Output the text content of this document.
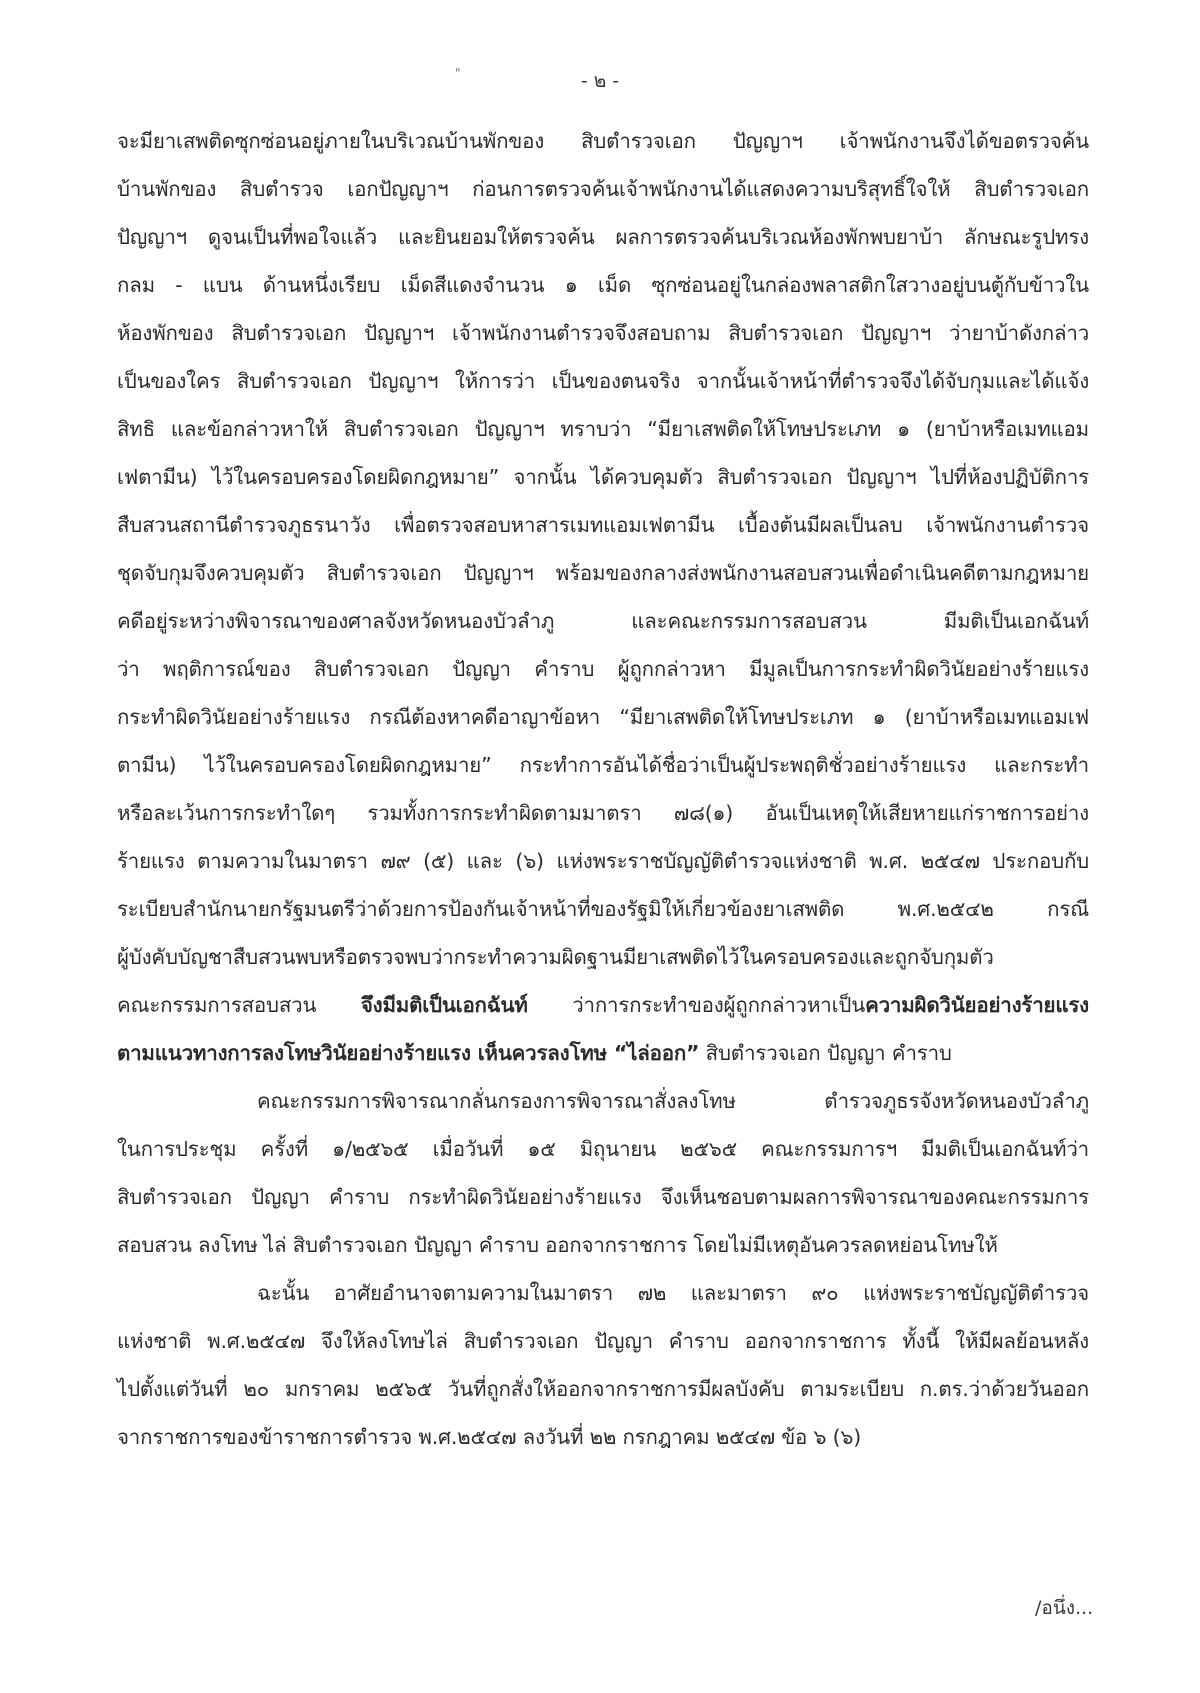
"	- ๒ -
จะมียาเสพติดซุกซ่อนอยู่ภายในบริเวณบ้านพักของ สิบตำรวจเอก ปัญญาฯ เจ้าพนักงานจึงได้ขอตรวจค้น
บ้านพักของ สิบตำรวจ เอกปัญญาฯ ก่อนการตรวจค้นเจ้าพนักงานได้แสดงความบริสุทธิ์ใจให้ สิบตำรวจเอก
ปัญญาฯ ดูจนเป็นที่พอใจแล้ว และยินยอมให้ตรวจค้น ผลการตรวจค้นบริเวณห้องพักพบยาบ้า ลักษณะรูปทรง
กลม - แบน ด้านหนึ่งเรียบ เม็ดสีแดงจำนวน ๑ เม็ด ซุกซ่อนอยู่ในกล่องพลาสติกใสวางอยู่บนตู้กับข้าวใน
ห้องพักของ สิบตำรวจเอก ปัญญาฯ เจ้าพนักงานตำรวจจึงสอบถาม สิบตำรวจเอก ปัญญาฯ ว่ายาบ้าดังกล่าว
เป็นของใคร สิบตำรวจเอก ปัญญาฯ ให้การว่า เป็นของตนจริง จากนั้นเจ้าหน้าที่ตำรวจจึงได้จับกุมและได้แจ้ง
สิทธิ และข้อกล่าวหาให้ สิบตำรวจเอก ปัญญาฯ ทราบว่า “มียาเสพติดให้โทษประเภท ๑ (ยาบ้าหรือเมทแอม
เฟตามีน) ไว้ในครอบครองโดยผิดกฎหมาย” จากนั้น ได้ควบคุมตัว สิบตำรวจเอก ปัญญาฯ ไปที่ห้องปฏิบัติการ
สืบสวนสถานีตำรวจภูธรนาวัง เพื่อตรวจสอบหาสารเมทแอมเฟตามีน เบื้องต้นมีผลเป็นลบ เจ้าพนักงานตำรวจ
ชุดจับกุมจึงควบคุมตัว สิบตำรวจเอก ปัญญาฯ พร้อมของกลางส่งพนักงานสอบสวนเพื่อดำเนินคดีตามกฎหมาย
คดีอยู่ระหว่างพิจารณาของศาลจังหวัดหนองบัวลำภู และคณะกรรมการสอบสวน มีมติเป็นเอกฉันท์
ว่า พฤติการณ์ของ สิบตำรวจเอก ปัญญา คำราบ ผู้ถูกกล่าวหา มีมูลเป็นการกระทำผิดวินัยอย่างร้ายแรง
กระทำผิดวินัยอย่างร้ายแรง กรณีต้องหาคดีอาญาข้อหา “มียาเสพติดให้โทษประเภท ๑ (ยาบ้าหรือเมทแอมเฟ
ตามีน) ไว้ในครอบครองโดยผิดกฎหมาย” กระทำการอันได้ชื่อว่าเป็นผู้ประพฤติชั่วอย่างร้ายแรง และกระทำ
หรือละเว้นการกระทำใดๆ รวมทั้งการกระทำผิดตามมาตรา ๗๘(๑) อันเป็นเหตุให้เสียหายแก่ราชการอย่าง
ร้ายแรง ตามความในมาตรา ๗๙ (๕) และ (๖) แห่งพระราชบัญญัติตำรวจแห่งชาติ พ.ศ. ๒๕๔๗ ประกอบกับ
ระเบียบสำนักนายกรัฐมนตรีว่าด้วยการป้องกันเจ้าหน้าที่ของรัฐมิให้เกี่ยวข้องยาเสพติด พ.ศ.๒๕๔๒ กรณี
ผู้บังคับบัญชาสืบสวนพบหรือตรวจพบว่ากระทำความผิดฐานมียาเสพติดไว้ในครอบครองและถูกจับกุมตัว
คณะกรรมการสอบสวน จึงมีมติเป็นเอกฉันท์ ว่าการกระทำของผู้ถูกกล่าวหาเป็นความผิดวินัยอย่างร้ายแรง
ตามแนวทางการลงโทษวินัยอย่างร้ายแรง เห็นควรลงโทษ “ไล่ออก” สิบตำรวจเอก ปัญญา คำราบ
คณะกรรมการพิจารณากลั่นกรองการพิจารณาสั่งลงโทษ ตำรวจภูธรจังหวัดหนองบัวลำภู
ในการประชุม ครั้งที่ ๑/๒๕๖๕ เมื่อวันที่ ๑๕ มิถุนายน ๒๕๖๕ คณะกรรมการฯ มีมติเป็นเอกฉันท์ว่า
สิบตำรวจเอก ปัญญา คำราบ กระทำผิดวินัยอย่างร้ายแรง จึงเห็นชอบตามผลการพิจารณาของคณะกรรมการ
สอบสวน ลงโทษ ไล่ สิบตำรวจเอก ปัญญา คำราบ ออกจากราชการ โดยไม่มีเหตุอันควรลดหย่อนโทษให้
ฉะนั้น อาศัยอำนาจตามความในมาตรา ๗๒ และมาตรา ๙๐ แห่งพระราชบัญญัติตำรวจ
แห่งชาติ พ.ศ.๒๕๔๗ จึงให้ลงโทษไล่ สิบตำรวจเอก ปัญญา คำราบ ออกจากราชการ ทั้งนี้ ให้มีผลย้อนหลัง
ไปตั้งแต่วันที่ ๒๐ มกราคม ๒๕๖๕ วันที่ถูกสั่งให้ออกจากราชการมีผลบังคับ ตามระเบียบ ก.ตร.ว่าด้วยวันออก
จากราชการของข้าราชการตำรวจ พ.ศ.๒๕๔๗ ลงวันที่ ๒๒ กรกฎาคม ๒๕๔๗ ข้อ ๖ (๖)
/อนึ่ง...
